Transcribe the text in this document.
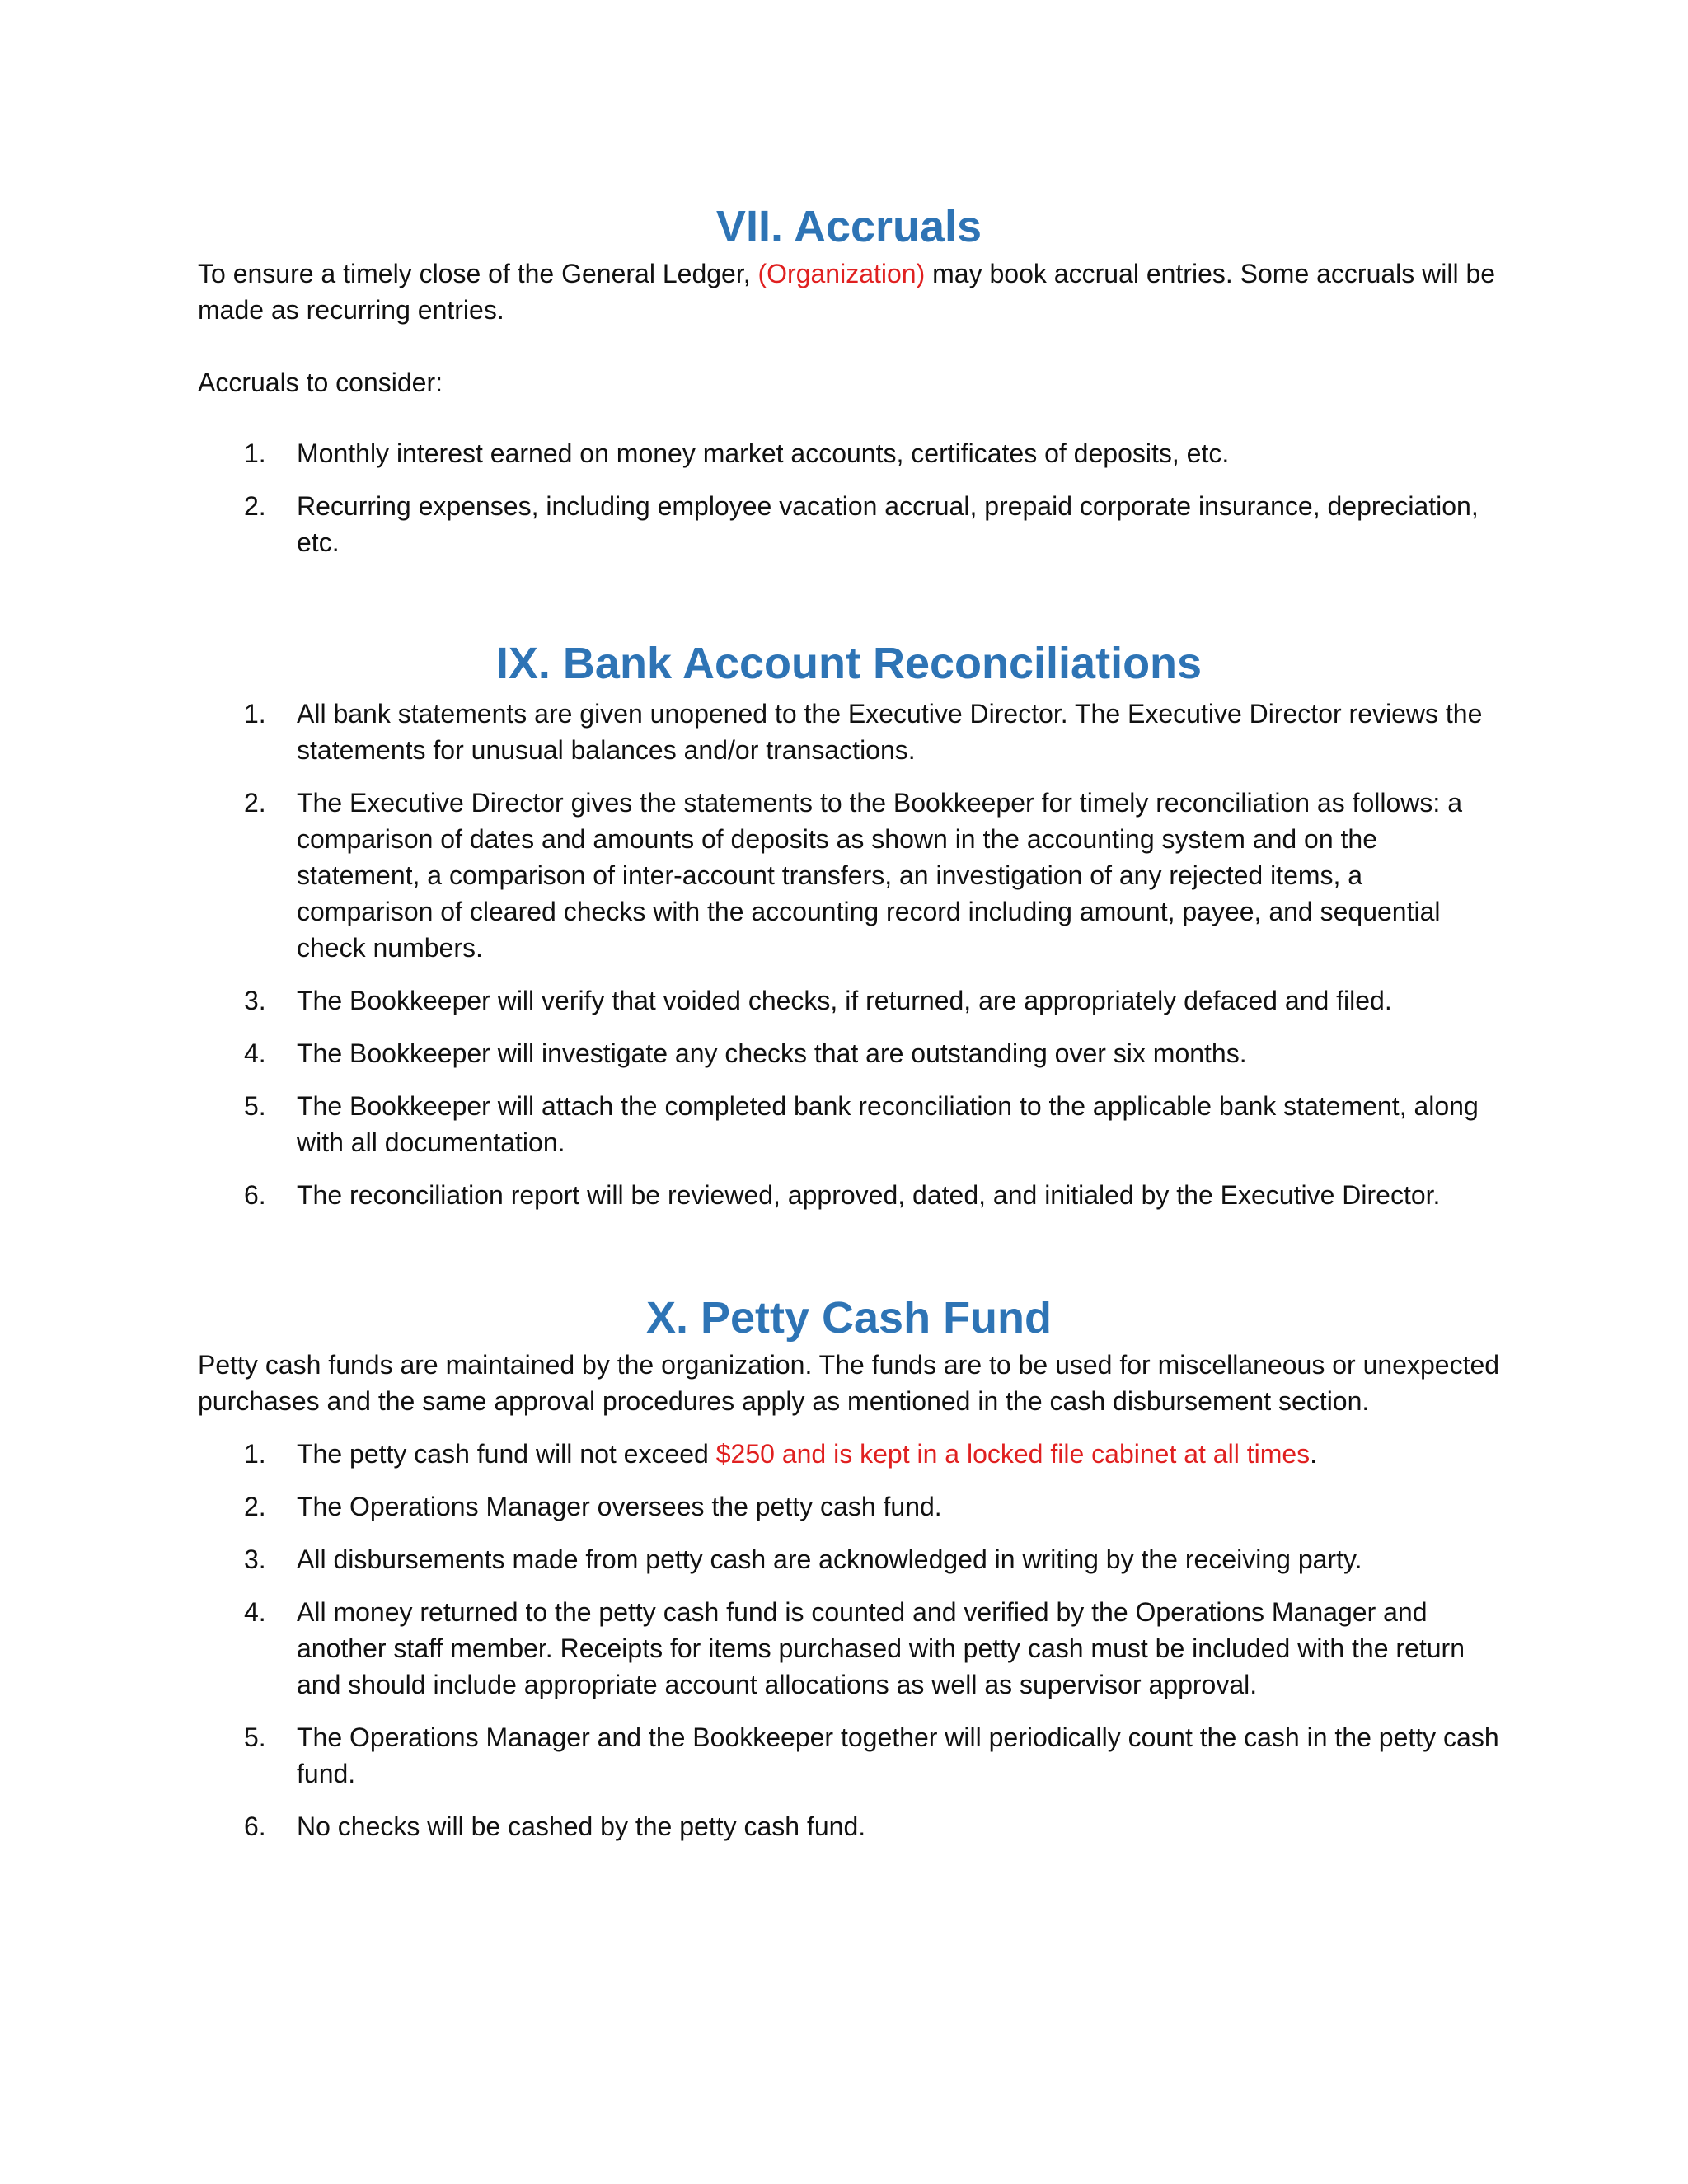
VII. Accruals

To ensure a timely close of the General Ledger, (Organization) may book accrual entries. Some accruals will be made as recurring entries.

Accruals to consider:

1. Monthly interest earned on money market accounts, certificates of deposits, etc.
2. Recurring expenses, including employee vacation accrual, prepaid corporate insurance, depreciation, etc.
IX. Bank Account Reconciliations
1. All bank statements are given unopened to the Executive Director. The Executive Director reviews the statements for unusual balances and/or transactions.
2. The Executive Director gives the statements to the Bookkeeper for timely reconciliation as follows: a comparison of dates and amounts of deposits as shown in the accounting system and on the statement, a comparison of inter-account transfers, an investigation of any rejected items, a comparison of cleared checks with the accounting record including amount, payee, and sequential check numbers.
3. The Bookkeeper will verify that voided checks, if returned, are appropriately defaced and filed.
4. The Bookkeeper will investigate any checks that are outstanding over six months.
5. The Bookkeeper will attach the completed bank reconciliation to the applicable bank statement, along with all documentation.
6. The reconciliation report will be reviewed, approved, dated, and initialed by the Executive Director.
X. Petty Cash Fund

Petty cash funds are maintained by the organization. The funds are to be used for miscellaneous or unexpected purchases and the same approval procedures apply as mentioned in the cash disbursement section.

1. The petty cash fund will not exceed $250 and is kept in a locked file cabinet at all times.
2. The Operations Manager oversees the petty cash fund.
3. All disbursements made from petty cash are acknowledged in writing by the receiving party.
4. All money returned to the petty cash fund is counted and verified by the Operations Manager and another staff member. Receipts for items purchased with petty cash must be included with the return and should include appropriate account allocations as well as supervisor approval.
5. The Operations Manager and the Bookkeeper together will periodically count the cash in the petty cash fund.
6. No checks will be cashed by the petty cash fund.
